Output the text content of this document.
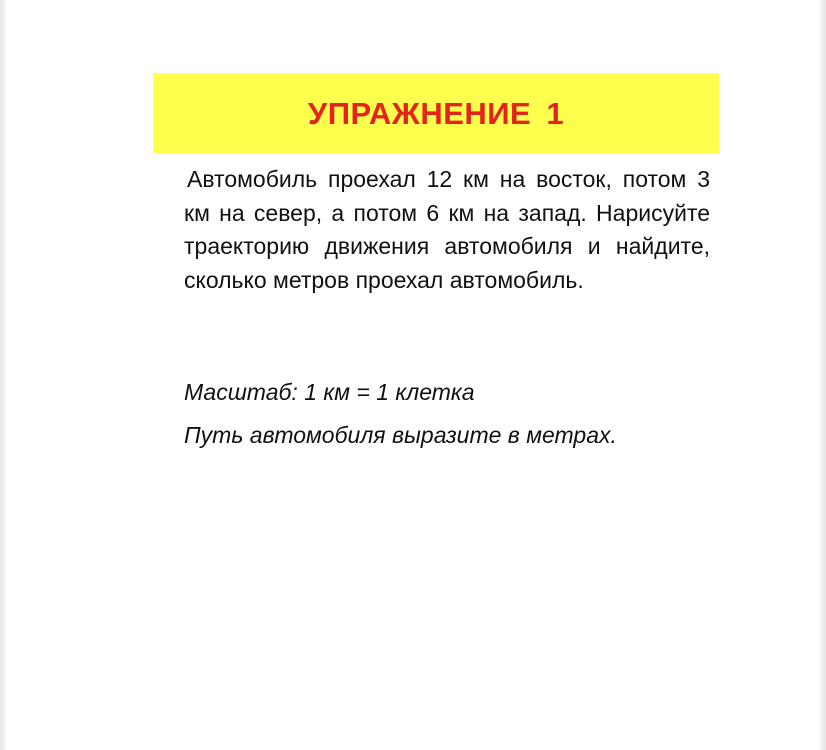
УПРАЖНЕНИЕ 1

Автомобиль проехал 12 км на восток, потом 3 км на север, а потом 6 км на запад. Нарисуйте траекторию движения автомобиля и найдите, сколько метров проехал автомобиль.

Масштаб: 1 км = 1 клетка

Путь автомобиля выразите в метрах.
